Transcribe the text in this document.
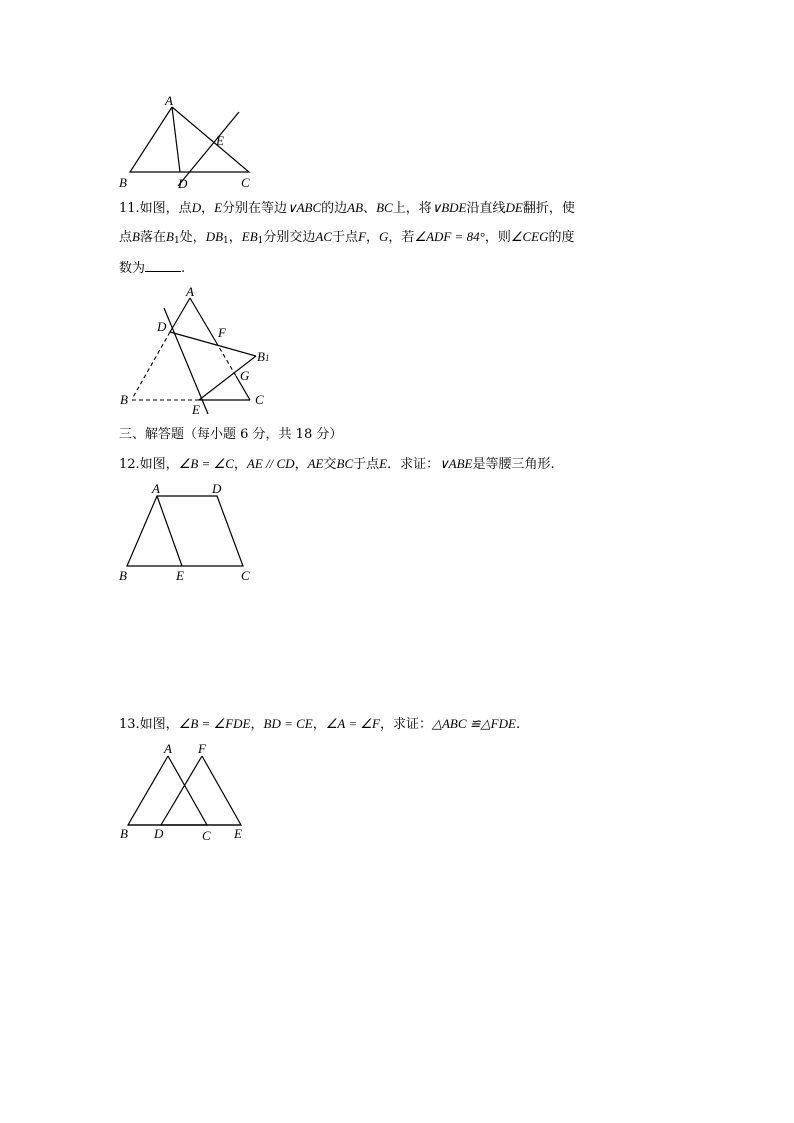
A
E
B	D	C
11.如图，点D，E分别在等边∨ABC的边AB、BC上，将∨BDE沿直线DE翻折，使
点B落在$B_1$处，$DB_1$，$EB_1$分别交边AC于点F，G，若∠ADF = 84°，则∠CEG的度
数为	.
A
D	F
B1
G
B
E
C
三、解答题（每小题 6 分，共 18 分）
12.如图，∠B = ∠C，AE // CD，AE交BC于点E．求证：∨ABE是等腰三角形.
A	D
B	E	C
13.如图，∠B = ∠FDE，BD = CE，∠A = ∠F，求证：△ABC ≌△FDE.
A F
B D	C E
